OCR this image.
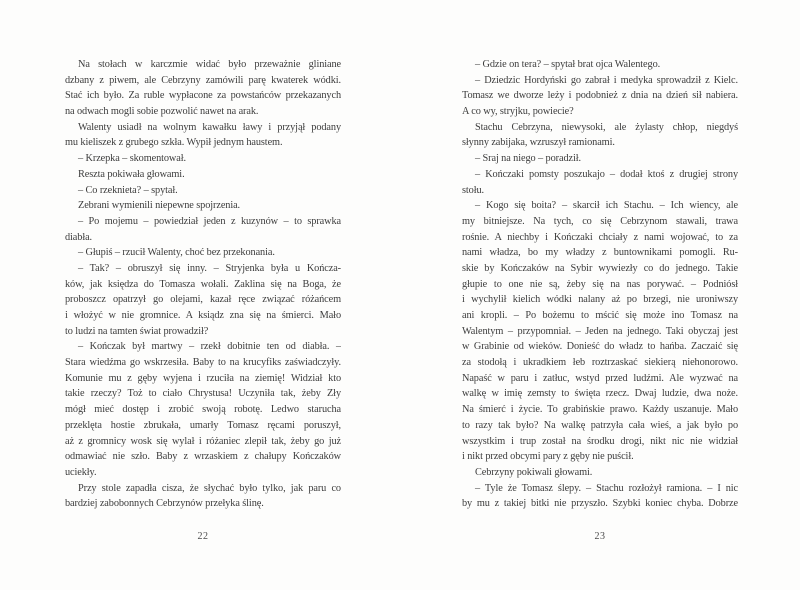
Na stołach w karczmie widać było przeważnie gliniane
dzbany z piwem, ale Cebrzyny zamówili parę kwaterek wódki.
Stać ich było. Za ruble wypłacone za powstańców przekazanych
na odwach mogli sobie pozwolić nawet na arak.
Walenty usiadł na wolnym kawałku ławy i przyjął podany
mu kieliszek z grubego szkła. Wypił jednym haustem.
– Krzepka – skomentował.
Reszta pokiwała głowami.
– Co rzeknieta? – spytał.
Zebrani wymienili niepewne spojrzenia.
– Po mojemu – powiedział jeden z kuzynów – to sprawka
diabła.
– Głupiś – rzucił Walenty, choć bez przekonania.
– Tak? – obruszył się inny. – Stryjenka była u Kończa-
ków, jak księdza do Tomasza wołali. Zaklina się na Boga, że
proboszcz opatrzył go olejami, kazał ręce związać różańcem
i włożyć w nie gromnice. A ksiądz zna się na śmierci. Mało
to ludzi na tamten świat prowadził?
– Kończak był martwy – rzekł dobitnie ten od diabła. –
Stara wiedźma go wskrzesiła. Baby to na krucyfiks zaświadczyły.
Komunie mu z gęby wyjena i rzuciła na ziemię! Widział kto
takie rzeczy? Toż to ciało Chrystusa! Uczyniła tak, żeby Zły
mógł mieć dostęp i zrobić swoją robotę. Ledwo starucha
przeklęta hostie zbrukała, umarły Tomasz ręcami poruszył,
aż z gromnicy wosk się wylał i różaniec zlepił tak, żeby go już
odmawiać nie szło. Baby z wrzaskiem z chałupy Kończaków
uciekły.
Przy stole zapadła cisza, że słychać było tylko, jak paru co
bardziej zabobonnych Cebrzynów przełyka ślinę.
22
– Gdzie on tera? – spytał brat ojca Walentego.
– Dziedzic Hordyński go zabrał i medyka sprowadził z Kielc.
Tomasz we dworze leży i podobnież z dnia na dzień sił nabiera.
A co wy, stryjku, powiecie?
Stachu Cebrzyna, niewysoki, ale żylasty chłop, niegdyś
słynny zabijaka, wzruszył ramionami.
– Sraj na niego – poradził.
– Kończaki pomsty poszukajo – dodał ktoś z drugiej strony
stołu.
– Kogo się boita? – skarcił ich Stachu. – Ich wiency, ale
my bitniejsze. Na tych, co się Cebrzynom stawali, trawa
rośnie. A niechby i Kończaki chciały z nami wojować, to za
nami władza, bo my władzy z buntownikami pomogli. Ru-
skie by Kończaków na Sybir wywiezły co do jednego. Takie
głupie to one nie są, żeby się na nas porywać. – Podniósł
i wychylił kielich wódki nalany aż po brzegi, nie uroniwszy
ani kropli. – Po bożemu to mścić się może ino Tomasz na
Walentym – przypomniał. – Jeden na jednego. Taki obyczaj jest
w Grabinie od wieków. Donieść do władz to hańba. Zaczaić się
za stodołą i ukradkiem łeb roztrzaskać siekierą niehonorowo.
Napaść w paru i zatłuc, wstyd przed ludźmi. Ale wyzwać na
walkę w imię zemsty to święta rzecz. Dwaj ludzie, dwa noże.
Na śmierć i życie. To grabińskie prawo. Każdy uszanuje. Mało
to razy tak było? Na walkę patrzyła cała wieś, a jak było po
wszystkim i trup został na środku drogi, nikt nic nie widział
i nikt przed obcymi pary z gęby nie puścił.
Cebrzyny pokiwali głowami.
– Tyle że Tomasz ślepy. – Stachu rozłożył ramiona. – I nic
by mu z takiej bitki nie przyszło. Szybki koniec chyba. Dobrze
23
